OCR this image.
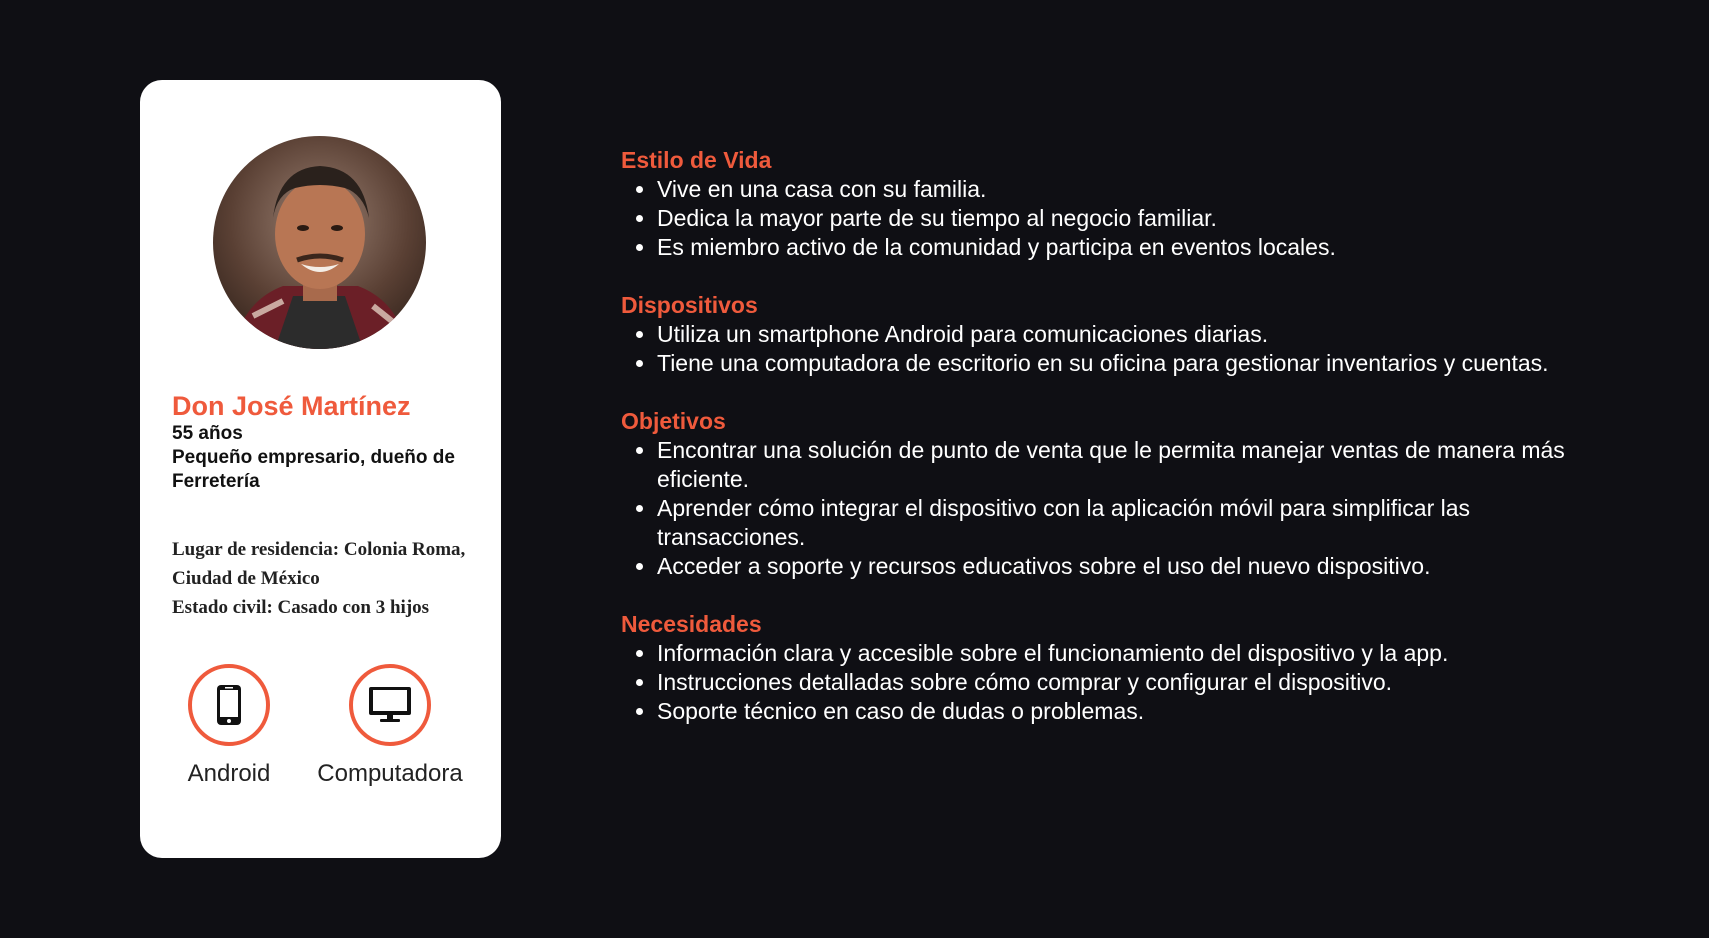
Don José Martínez
55 años
Pequeño empresario, dueño de Ferretería
Lugar de residencia: Colonia Roma, Ciudad de México
Estado civil: Casado con 3 hijos
Android	Computadora
Estilo de Vida
• Vive en una casa con su familia.
• Dedica la mayor parte de su tiempo al negocio familiar.
• Es miembro activo de la comunidad y participa en eventos locales.
Dispositivos
• Utiliza un smartphone Android para comunicaciones diarias.
• Tiene una computadora de escritorio en su oficina para gestionar inventarios y cuentas.
Objetivos
• Encontrar una solución de punto de venta que le permita manejar ventas de manera más eficiente.
• Aprender cómo integrar el dispositivo con la aplicación móvil para simplificar las transacciones.
• Acceder a soporte y recursos educativos sobre el uso del nuevo dispositivo.
Necesidades
• Información clara y accesible sobre el funcionamiento del dispositivo y la app.
• Instrucciones detalladas sobre cómo comprar y configurar el dispositivo.
• Soporte técnico en caso de dudas o problemas.
